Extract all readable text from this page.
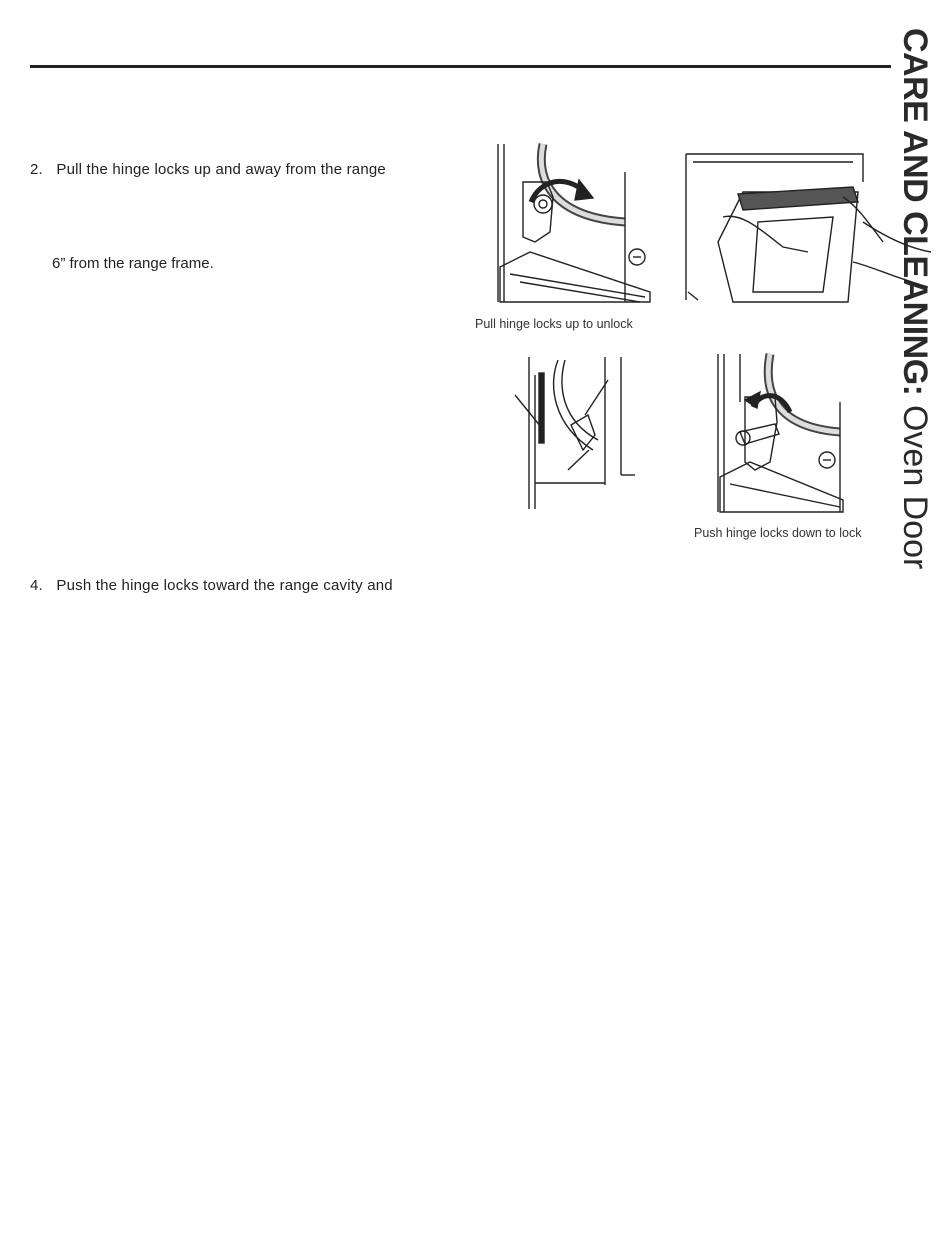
CARE AND CLEANING: Oven Door
2. Pull the hinge locks up and away from the range
6” from the range frame.
4. Push the hinge locks toward the range cavity and
Pull hinge locks up to unlock
Push hinge locks down to lock
